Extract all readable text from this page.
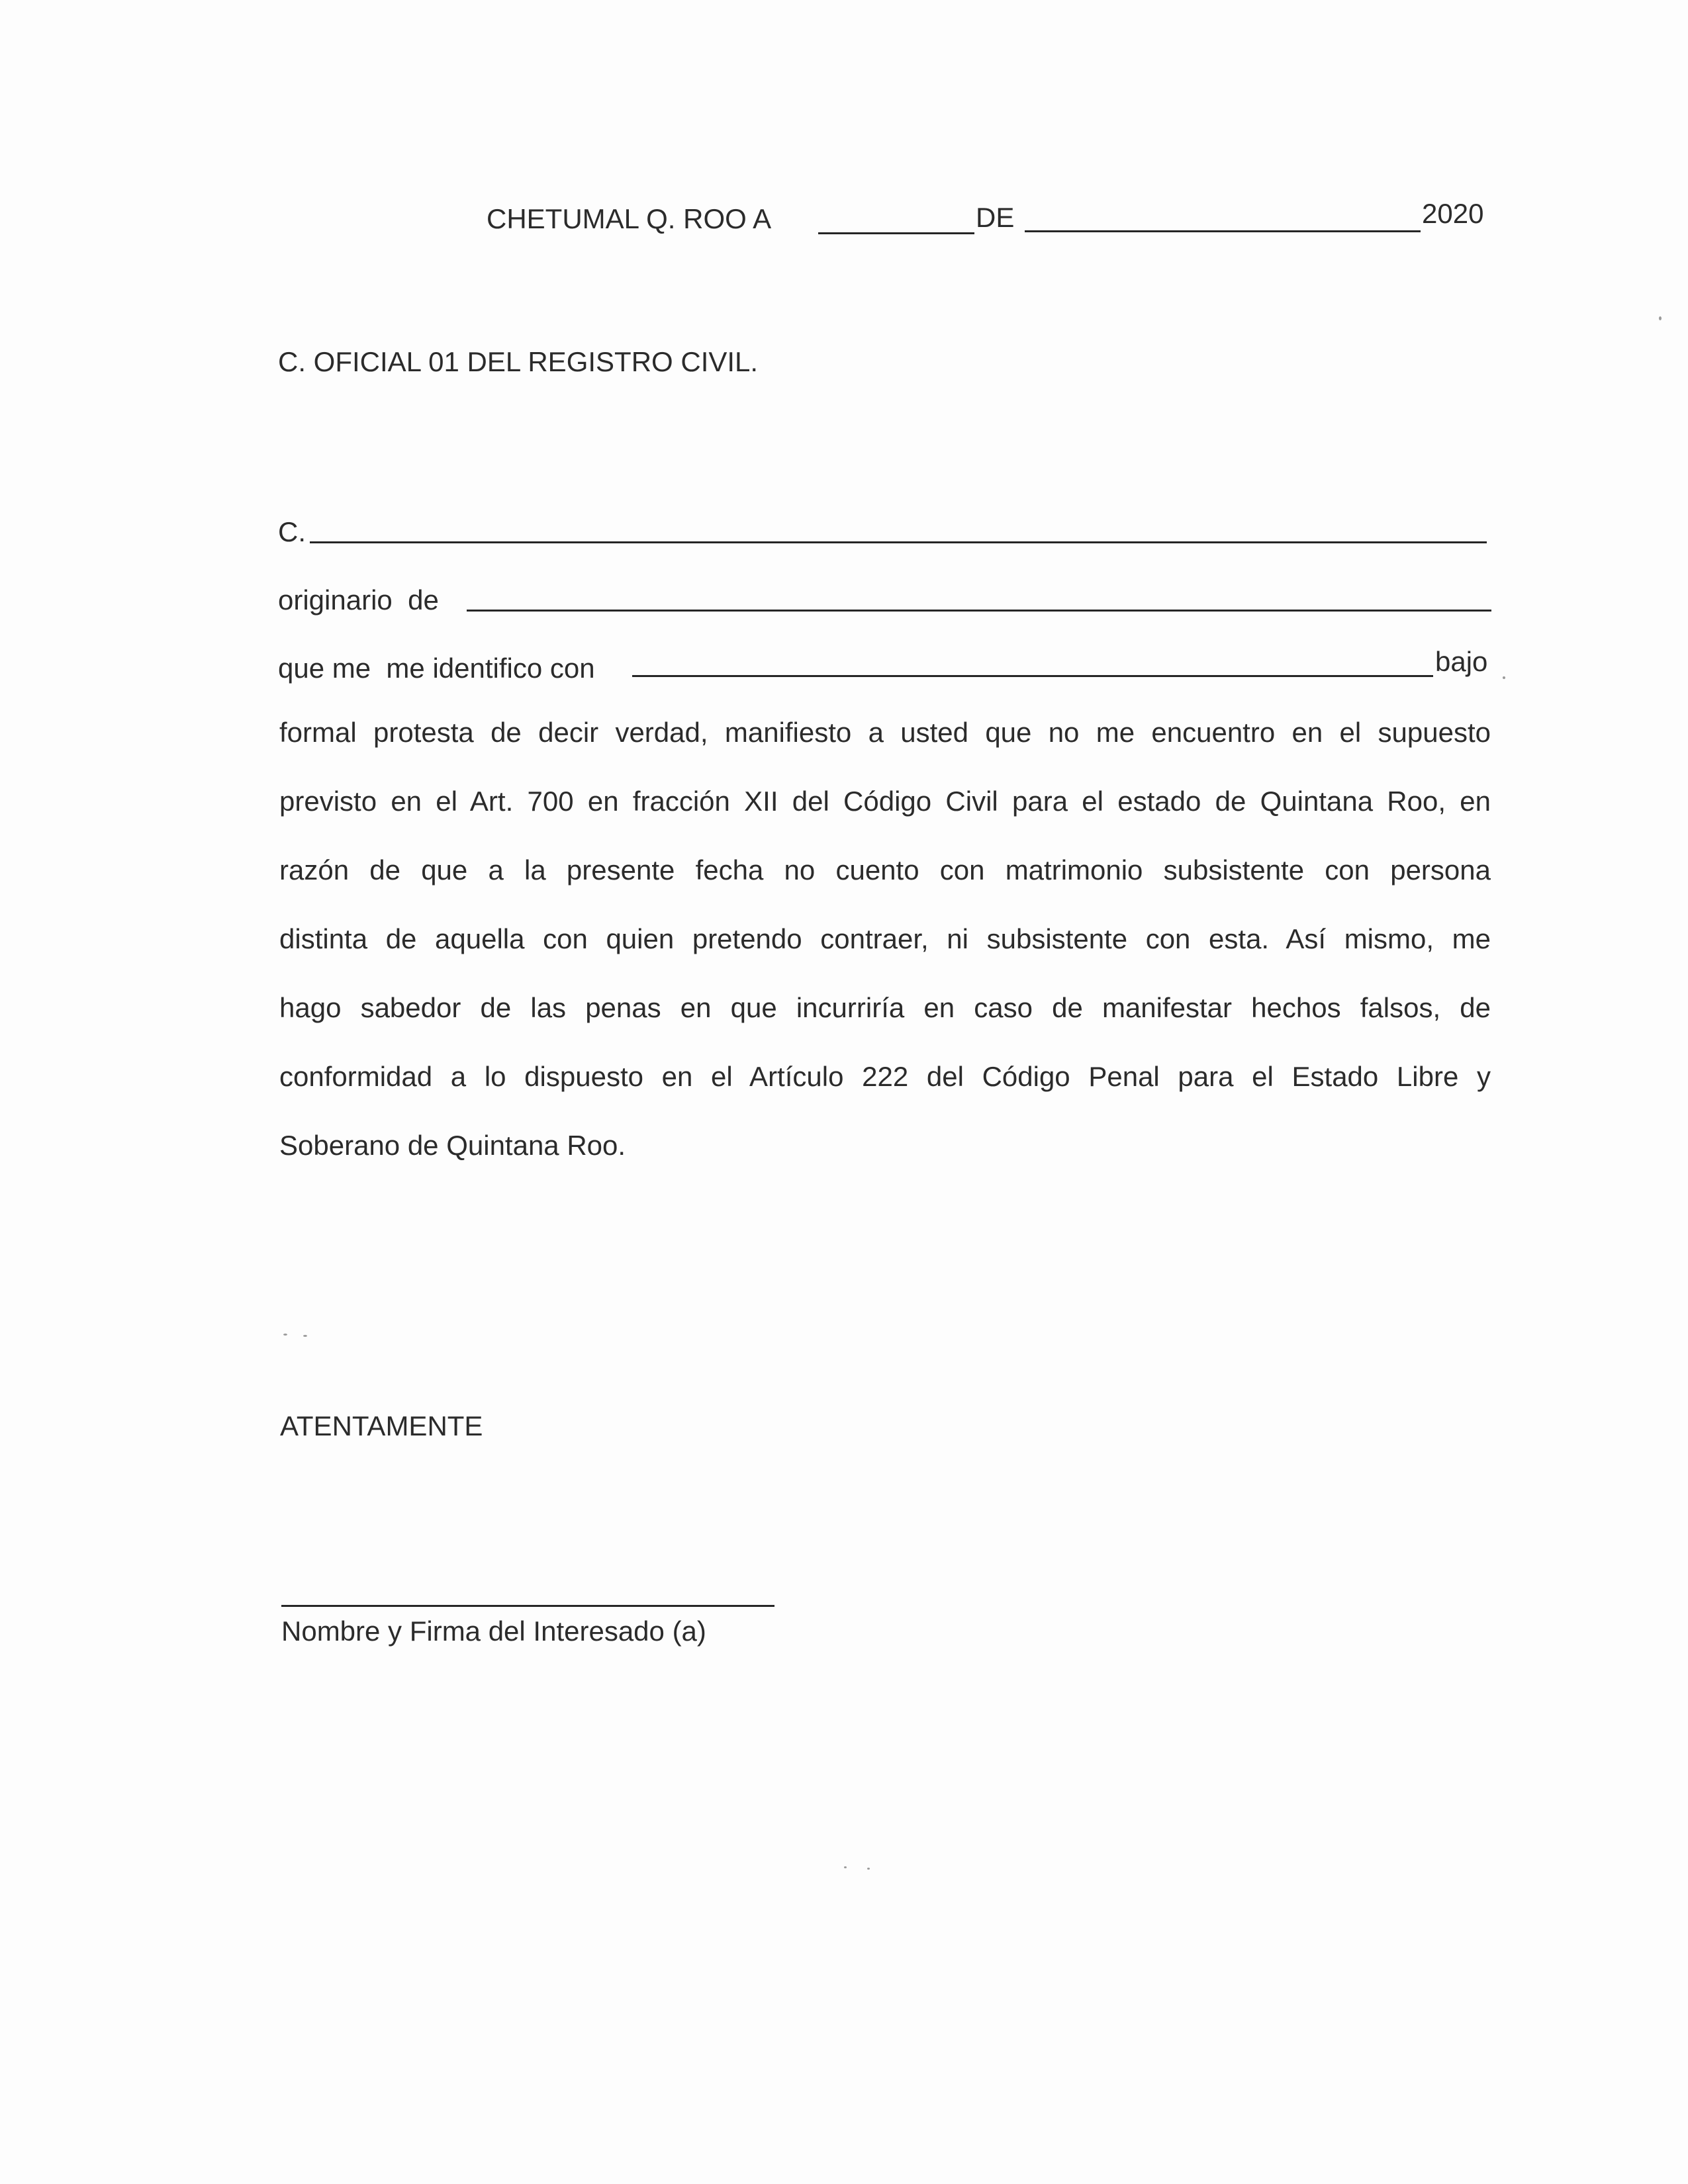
CHETUMAL Q. ROO A	DE	2020
C. OFICIAL 01 DEL REGISTRO CIVIL.
C.
originario  de
que me  me identifico con	bajo
formal protesta de decir verdad, manifiesto a usted que no me encuentro en el supuesto
previsto en el Art. 700 en fracción XII del Código Civil para el estado de Quintana Roo, en
razón de que a la presente fecha no cuento con matrimonio subsistente con persona
distinta de aquella con quien pretendo contraer, ni subsistente con esta. Así mismo, me
hago sabedor de las penas en que incurriría en caso de manifestar hechos falsos, de
conformidad a lo dispuesto en el Artículo 222 del Código Penal para el Estado Libre y
Soberano de Quintana Roo.
ATENTAMENTE
Nombre y Firma del Interesado (a)
